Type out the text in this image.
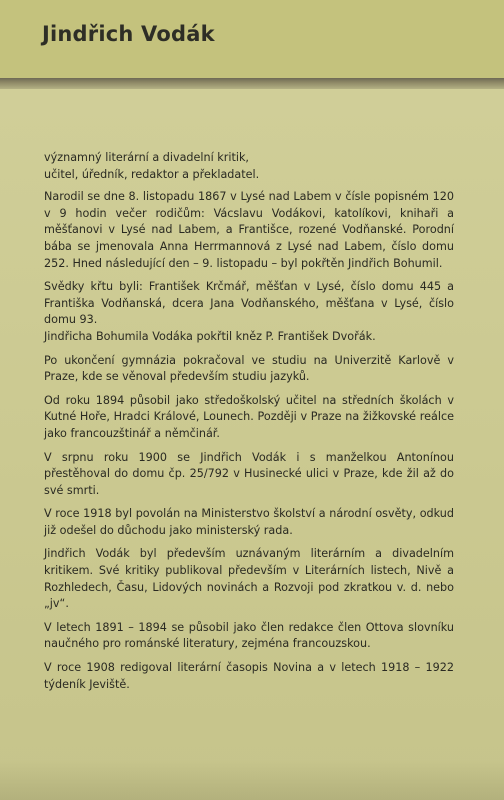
Jindřich Vodák

významný literární a divadelní kritik,
učitel, úředník, redaktor a překladatel.

Narodil se dne 8. listopadu 1867 v Lysé nad Labem v čísle popisném 120 v 9 hodin večer rodičům: Vácslavu Vodákovi, katolíkovi, knihaři a měšťanovi v Lysé nad Labem, a Františce, rozené Vodňanské. Porodní bába se jmenovala Anna Herrmannová z Lysé nad Labem, číslo domu 252. Hned následující den – 9. listopadu – byl pokřtěn Jindřich Bohumil.

Svědky křtu byli: František Krčmář, měšťan v Lysé, číslo domu 445 a Františka Vodňanská, dcera Jana Vodňanského, měšťana v Lysé, číslo domu 93.

Jindřicha Bohumila Vodáka pokřtil kněz P. František Dvořák.

Po ukončení gymnázia pokračoval ve studiu na Univerzitě Karlově v Praze, kde se věnoval především studiu jazyků.

Od roku 1894 působil jako středoškolský učitel na středních školách v Kutné Hoře, Hradci Králové, Lounech. Později v Praze na žižkovské reálce jako francouzštinář a němčinář.

V srpnu roku 1900 se Jindřich Vodák i s manželkou Antonínou přestěhoval do domu čp. 25/792 v Husinecké ulici v Praze, kde žil až do své smrti.

V roce 1918 byl povolán na Ministerstvo školství a národní osvěty, odkud již odešel do důchodu jako ministerský rada.

Jindřich Vodák byl především uznávaným literárním a divadelním kritikem. Své kritiky publikoval především v Literárních listech, Nivě a Rozhledech, Času, Lidových novinách a Rozvoji pod zkratkou v. d. nebo „jv“.

V letech 1891 – 1894 se působil jako člen redakce člen Ottova slovníku naučného pro románské literatury, zejména francouzskou.

V roce 1908 redigoval literární časopis Novina a v letech 1918 – 1922 týdeník Jeviště.
